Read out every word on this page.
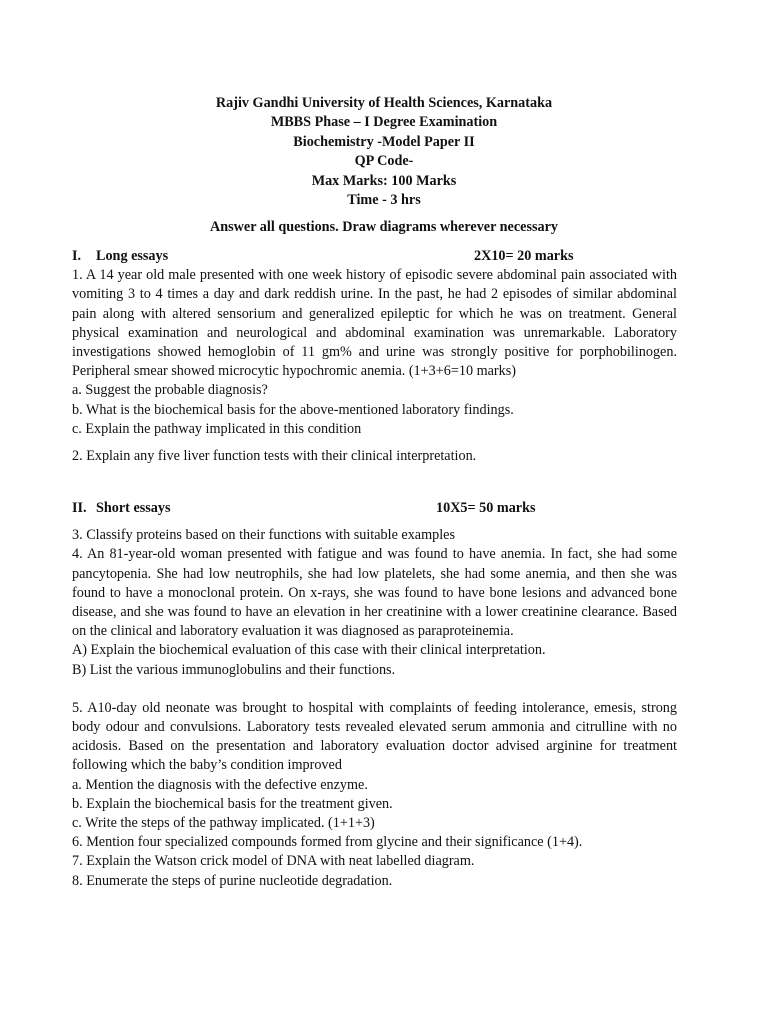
Rajiv Gandhi University of Health Sciences, Karnataka
MBBS Phase – I Degree Examination
Biochemistry -Model Paper II
QP Code-
Max Marks: 100 Marks
Time - 3 hrs
Answer all questions. Draw diagrams wherever necessary
I.	Long essays	2X10= 20 marks

1. A 14 year old male presented with one week history of episodic severe abdominal pain associated with vomiting 3 to 4 times a day and dark reddish urine. In the past, he had 2 episodes of similar abdominal pain along with altered sensorium and generalized epileptic for which he was on treatment. General physical examination and neurological and abdominal examination was unremarkable. Laboratory investigations showed hemoglobin of 11 gm% and urine was strongly positive for porphobilinogen. Peripheral smear showed microcytic hypochromic anemia. (1+3+6=10 marks)

a. Suggest the probable diagnosis?

b. What is the biochemical basis for the above-mentioned laboratory findings.

c. Explain the pathway implicated in this condition

2. Explain any five liver function tests with their clinical interpretation.

II. Short essays	10X5= 50 marks

3. Classify proteins based on their functions with suitable examples

4. An 81-year-old woman presented with fatigue and was found to have anemia. In fact, she had some pancytopenia. She had low neutrophils, she had low platelets, she had some anemia, and then she was found to have a monoclonal protein. On x-rays, she was found to have bone lesions and advanced bone disease, and she was found to have an elevation in her creatinine with a lower creatinine clearance. Based on the clinical and laboratory evaluation it was diagnosed as paraproteinemia.

A) Explain the biochemical evaluation of this case with their clinical interpretation.

B) List the various immunoglobulins and their functions.

5. A10-day old neonate was brought to hospital with complaints of feeding intolerance, emesis, strong body odour and convulsions. Laboratory tests revealed elevated serum ammonia and citrulline with no acidosis. Based on the presentation and laboratory evaluation doctor advised arginine for treatment following which the baby’s condition improved

a. Mention the diagnosis with the defective enzyme.

b. Explain the biochemical basis for the treatment given.

c. Write the steps of the pathway implicated. (1+1+3)

6. Mention four specialized compounds formed from glycine and their significance (1+4).

7. Explain the Watson crick model of DNA with neat labelled diagram.

8. Enumerate the steps of purine nucleotide degradation.
